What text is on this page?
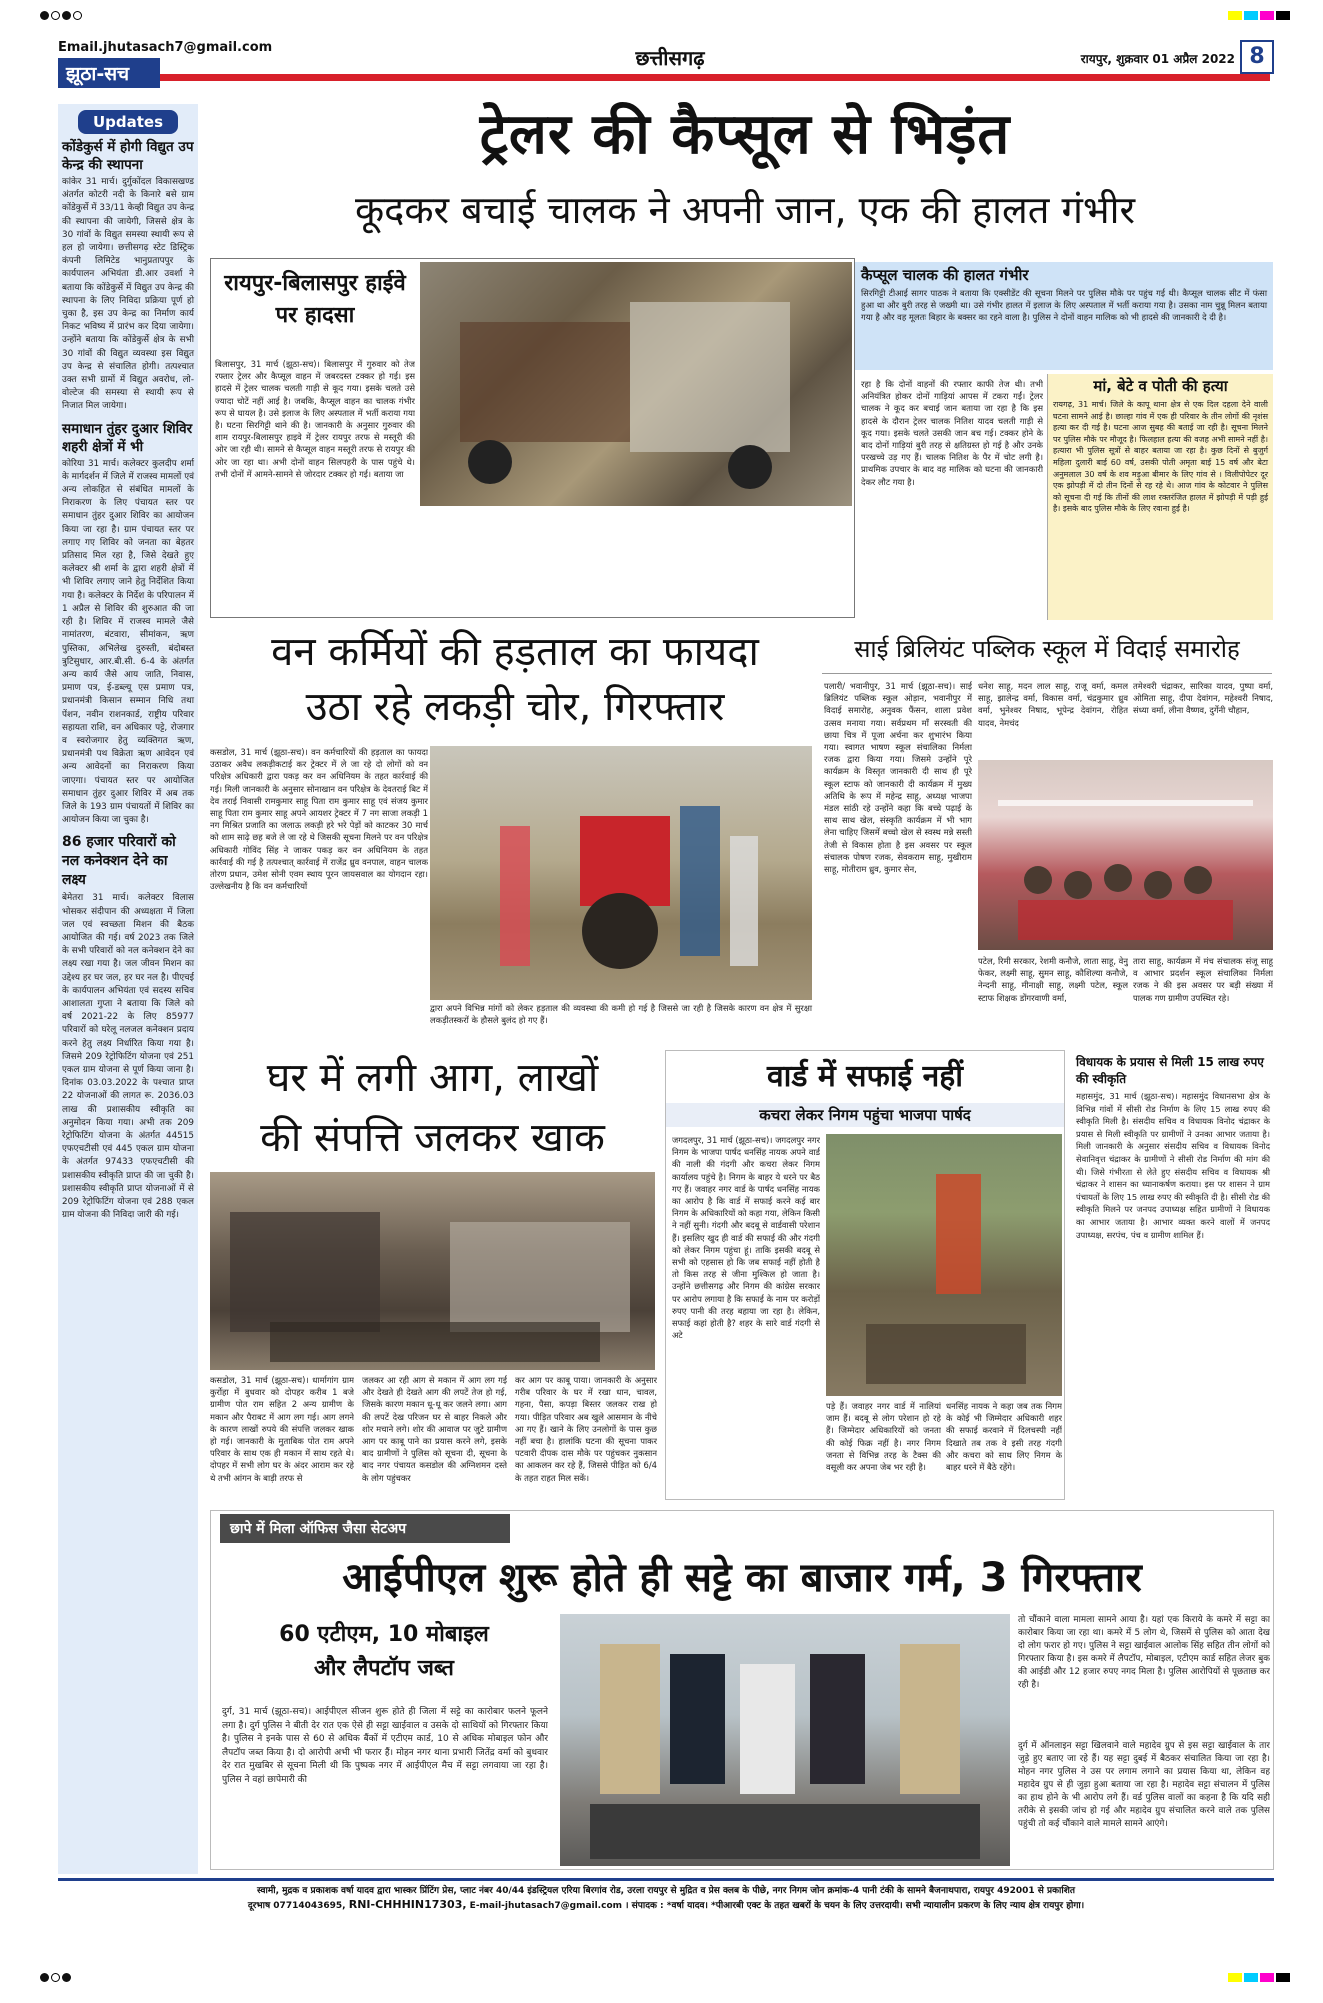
Email.jhutasach7@gmail.com
झूठा-सच
छत्तीसगढ़	रायपुर, शुक्रवार 01 अप्रैल 2022 8
Updates
कोंडेकुर्स में होगी विद्युत उप केन्द्र की स्थापना
कांकेर 31 मार्च। दुर्गुकोंदल विकासखण्ड अंतर्गत कोटरी नदी के किनारे बसे ग्राम कोंडेकुर्से में 33/11 केव्ही विद्युत उप केन्द्र की स्थापना की जायेगी, जिससे क्षेत्र के 30 गांवों के विद्युत समस्या स्थायी रूप से हल हो जायेगा। छत्तीसगढ़ स्टेट डिस्ट्रिक कंपनी लिमिटेड भानुप्रतापपुर के कार्यपालन अभियंता डी.आर उवर्शा ने बताया कि कोंडेकुर्से में विद्युत उप केन्द्र की स्थापना के लिए निविदा प्रक्रिया पूर्ण हो चुका है, इस उप केन्द्र का निर्माण कार्य निकट भविष्य में प्रारंभ कर दिया जायेगा। उन्होंने बताया कि कोंडेकुर्से क्षेत्र के सभी 30 गांवों की विद्युत व्यवस्था इस विद्युत उप केन्द्र से संचालित होगी। तत्पश्चात उक्त सभी ग्रामों में विद्युत अवरोध, लो-वोल्टेज की समस्या से स्थायी रूप से निजात मिल जायेगा।
समाधान तुंहर दुआर शिविर शहरी क्षेत्रों में भी
कोरिया 31 मार्च। कलेक्टर कुलदीप शर्मा के मार्गदर्शन में जिले में राजस्व मामलों एवं अन्य लोकहित से संबंधित मामलों के निराकरण के लिए पंचायत स्तर पर समाधान तुंहर दुआर शिविर का आयोजन किया जा रहा है। ग्राम पंचायत स्तर पर लगाए गए शिविर को जनता का बेहतर प्रतिसाद मिल रहा है, जिसे देखते हुए कलेक्टर श्री शर्मा के द्वारा शहरी क्षेत्रों में भी शिविर लगाए जाने हेतु निर्देशित किया गया है। कलेक्टर के निर्देश के परिपालन में 1 अप्रैल से शिविर की शुरुआत की जा रही है। शिविर में राजस्व मामले जैसे नामांतरण, बंटवारा, सीमांकन, ऋण पुस्तिका, अभिलेख दुरुस्ती, बंदोबस्त त्रुटिसुधार, आर.बी.सी. 6-4 के अंतर्गत अन्य कार्य जैसे आय जाति, निवास, प्रमाण पत्र, ई-डब्ल्यू एस प्रमाण पत्र, प्रधानमंत्री किसान सम्मान निधि तथा पेंशन, नवीन राशनकार्ड, राष्ट्रीय परिवार सहायता राशि, वन अधिकार पट्टे, रोजगार व स्वरोजगार हेतु व्यक्तिगत ऋण, प्रधानमंत्री पथ विक्रेता ऋण आवेदन एवं अन्य आवेदनों का निराकरण किया जाएगा। पंचायत स्तर पर आयोजित समाधान तुंहर दुआर शिविर में अब तक जिले के 193 ग्राम पंचायतों में शिविर का आयोजन किया जा चुका है।
86 हजार परिवारों को नल कनेक्शन देने का लक्ष्य
बेमेतरा 31 मार्च। कलेक्टर विलास भोसकर संदीपान की अध्यक्षता में जिला जल एवं स्वच्छता मिशन की बैठक आयोजित की गई। वर्ष 2023 तक जिले के सभी परिवारों को नल कनेक्शन देने का लक्ष्य रखा गया है। जल जीवन मिशन का उद्देश्य हर घर जल, हर घर नल है। पीएचई के कार्यपालन अभियंता एवं सदस्य सचिव आशालता गुप्ता ने बताया कि जिले को वर्ष 2021-22 के लिए 85977 परिवारों को घरेलू नलजल कनेक्शन प्रदाय करने हेतु लक्ष्य निर्धारित किया गया है। जिसमे 209 रेट्रोफिटिंग योजना एवं 251 एकल ग्राम योजना से पूर्ण किया जाना है। दिनांक 03.03.2022 के पश्चात प्राप्त 22 योजनाओं की लागत रू. 2036.03 लाख की प्रशासकीय स्वीकृति का अनुमोदन किया गया। अभी तक 209 रेट्रोफिटिंग योजना के अंतर्गत 44515 एफएचटीसी एवं 445 एकल ग्राम योजना के अंतर्गत 97433 एफएचटीसी की प्रशासकीय स्वीकृति प्राप्त की जा चुकी है। प्रशासकीय स्वीकृति प्राप्त योजनाओं में से 209 रेट्रोफिटिंग योजना एवं 288 एकल ग्राम योजना की निविदा जारी की गई।
ट्रेलर की कैप्सूल से भिड़ंत
कूदकर बचाई चालक ने अपनी जान, एक की हालत गंभीर
रायपुर-बिलासपुर हाईवे पर हादसा
बिलासपुर, 31 मार्च (झूठा-सच)। बिलासपुर में गुरुवार को तेज रफ्तार ट्रेलर और कैप्सूल वाहन में जबरदस्त टक्कर हो गई। इस हादसे में ट्रेलर चालक चलती गाड़ी से कूद गया। इसके चलते उसे ज्यादा चोटें नहीं आई है। जबकि, कैप्सूल वाहन का चालक गंभीर रूप से घायल है। उसे इलाज के लिए अस्पताल में भर्ती कराया गया है। घटना सिरगिट्टी थाने की है। जानकारी के अनुसार गुरुवार की शाम रायपुर-बिलासपुर हाइवे में ट्रेलर रायपुर तरफ से मस्तूरी की ओर जा रही थी। सामने से कैप्सूल वाहन मस्तूरी तरफ से रायपुर की ओर जा रहा था। अभी दोनों वाहन सिलपहरी के पास पहुंचे थे। तभी दोनों में आमने-सामने से जोरदार टक्कर हो गई। बताया जा
रहा है कि दोनों वाहनों की रफ्तार काफी तेज थी। तभी अनियंत्रित होकर दोनों गाड़ियां आपस में टकरा गईं। ट्रेलर चालक ने कूद कर बचाई जान बताया जा रहा है कि इस हादसे के दौरान ट्रेलर चालक नितिश यादव चलती गाड़ी से कूद गया। इसके चलते उसकी जान बच गई। टक्कर होने के बाद दोनों गाड़ियां बुरी तरह से क्षतिग्रस्त हो गई है और उनके परखच्चे उड़ गए हैं। चालक नितिश के पैर में चोट लगी है। प्राथमिक उपचार के बाद वह मालिक को घटना की जानकारी देकर लौट गया है।
कैप्सूल चालक की हालत गंभीर
सिरगिट्टी टीआई सागर पाठक ने बताया कि एक्सीडेंट की सूचना मिलने पर पुलिस मौके पर पहुंच गई थी। कैप्सूल चालक सीट में फंसा हुआ था और बुरी तरह से जख्मी था। उसे गंभीर हालत में इलाज के लिए अस्पताल में भर्ती कराया गया है। उसका नाम चुन्नू मिलन बताया गया है और वह मूलतः बिहार के बक्सर का रहने वाला है। पुलिस ने दोनों वाहन मालिक को भी हादसे की जानकारी दे दी है।
मां, बेटे व पोती की हत्या
रायगढ़, 31 मार्च। जिले के कापू थाना क्षेत्र से एक दिल दहला देने वाली घटना सामने आई है। छाल्हा गांव में एक ही परिवार के तीन लोगों की नृशंस हत्या कर दी गई है। घटना आज सुबह की बताई जा रही है। सूचना मिलने पर पुलिस मौके पर मौजूद है। फिलहाल हत्या की वजह अभी सामने नहीं है। हत्यारा भी पुलिस सूत्रों से बाहर बताया जा रहा है। कुछ दिनों से बुजुर्ग महिला दुलारी बाई 60 वर्ष, उसकी पोती अमृता बाई 15 वर्ष और बेटा अनुमलाल 30 वर्ष के शव मड़ुआ बीमार के लिए गांव से । विलीपोपेटर दूर एक झोपड़ी में दो तीन दिनों से रह रहे थे। आज गांव के कोटवार ने पुलिस को सूचना दी गई कि तीनों की लाश रक्तरंजित हालत में झोपड़ी में पड़ी हुई है। इसके बाद पुलिस मौके के लिए रवाना हुई है।
वन कर्मियों की हड़ताल का फायदा
उठा रहे लकड़ी चोर, गिरफ्तार
कसडोल, 31 मार्च (झूठा-सच)। वन कर्मचारियों की हड़ताल का फायदा उठाकर अवैध लकड़ीकटाई कर ट्रेक्टर में ले जा रहे दो लोगों को वन परिक्षेत्र अधिकारी द्वारा पकड़ कर वन अधिनियम के तहत कार्रवाई की गई। मिली जानकारी के अनुसार सोनाखान वन परिक्षेत्र के देवतराई बिट में देव तराई निवासी रामकुमार साहू पिता राम कुमार साहू एवं संजय कुमार साहू पिता राम कुमार साहू अपने आयशर ट्रेक्टर में 7 नग साजा लकड़ी 1 नग मिश्रित प्रजाति का जलाऊ लकड़ी हरे भरे पेड़ों को काटकर 30 मार्च को शाम साढ़े छह बजे ले जा रहे थे जिसकी सूचना मिलने पर वन परिक्षेत्र अधिकारी गोविंद सिंह ने जाकर पकड़ कर वन अधिनियम के तहत कार्रवाई की गई है तत्पश्चात् कार्रवाई में राजेंद्र ध्रुव वनपाल, वाहन चालक तोरण प्रधान, उमेश सोनी एवम स्थाय पूरन जायसवाल का योगदान रहा। उल्लेखनीय है कि वन कर्मचारियों
द्वारा अपने विभिन्न मांगों को लेकर हड़ताल की व्यवस्था की कमी हो गई है जिससे जा रही है जिसके कारण वन क्षेत्र में सुरक्षा लकड़ीतस्करों के हौसले बुलंद हो गए हैं।
साई ब्रिलियंट पब्लिक स्कूल में विदाई समारोह
पलारी/ भवानीपुर, 31 मार्च (झूठा-सच)। साई ब्रिलियंट पब्लिक स्कूल ओड़ान, भवानीपुर में विदाई समारोह, अनुवक फैंसन, शाला प्रवेश उत्सव मनाया गया। सर्वप्रथम माँ सरस्वती की छाया चित्र में पूजा अर्चना कर शुभारंभ किया गया। स्वागत भाषण स्कूल संचालिका निर्मला रजक द्वारा किया गया। जिसमे उन्होंने पूरे कार्यक्रम के विस्तृत जानकारी दी साथ ही पूरे स्कूल स्टाफ को जानकारी दी कार्यक्रम में मुख्य अतिथि के रूप में महेन्द्र साहू, अध्यक्ष भाजपा मंडल सांठी रहे उन्होंने कहा कि बच्चे पढ़ाई के साथ साथ खेल, संस्कृति कार्यक्रम में भी भाग लेना चाहिए जिसमें बच्चो खेल से स्वस्थ मन्ने सस्ती तेजी से विकास होता है इस अवसर पर स्कूल संचालक पोषण रजक, सेवकराम साहू, मुखीराम साहू, मोतीराम ध्रुव, कुमार सेन,
धनेश साहू, मदन लाल साहू, राजू वर्मा, कमल साहू, झालेन्द्र वर्मा, विकास वर्मा, चंद्रकुमार ध्रुव वर्मा, भुनेश्वर निषाद, भूपेन्द्र देवांगन, रोहित यादव, नेमचंद
तमेश्वरी चंद्राकर, सारिका यादव, पुष्पा वर्मा, ओमिता साहू, दीपा देवांगन, महेश्वरी निषाद, संध्या वर्मा, लीना वैष्णव, दुर्गेनी चौहान,
पटेल, रिमी सरकार, रेशमी कनौजे, लाता साहू, वेनु फेकर, लक्ष्मी साहू, सुमन साहू, कौशिल्या कनौजे, नेन्दनी साहू, मीनाक्षी साहू, लक्ष्मी पटेल, स्कूल स्टाफ शिक्षक डोंगरवाणी वर्मा,
तारा साहू, कार्यक्रम में मंच संचालक संजू साहू व आभार प्रदर्शन स्कूल संचालिका निर्मला रजक ने की इस अवसर पर बड़ी संख्या में पालक गण ग्रामीण उपस्थित रहे।
घर में लगी आग, लाखों
की संपत्ति जलकर खाक
कसडोल, 31 मार्च (झूठा-सच)। धार्मागांग ग्राम कुर्रोहा में बुधवार को दोपहर करीब 1 बजे ग्रामीण पोत राम सहित 2 अन्य ग्रामीण के मकान और पैराबट में आग लग गई। आग लगने के कारण लाखों रुपये की संपत्ति जलकर खाक हो गई। जानकारी के मुताबिक पोत राम अपने परिवार के साथ एक ही मकान में साथ रहते थे। दोपहर में सभी लोग घर के अंदर आराम कर रहे थे तभी आंगन के बाड़ी तरफ से
जलकर आ रही आग से मकान में आग लग गई और देखते ही देखते आग की लपटें तेज हो गई, जिसके कारण मकान धू-धू कर जलने लगा। आग की लपटें देख परिजन घर से बाहर निकले और शोर मचाने लगे। शोर की आवाज पर जुटे ग्रामीण आग पर काबू पाने का प्रयास करने लगे, इसके बाद ग्रामीणों ने पुलिस को सूचना दी, सूचना के बाद नगर पंचायत कसडोल की अग्निशमन दस्ते के लोग पहुंचकर
कर आग पर काबू पाया। जानकारी के अनुसार गरीब परिवार के घर में रखा धान, चावल, गहना, पैसा, कपड़ा बिस्तर जलकर राख हो गया। पीड़ित परिवार अब खुले आसमान के नीचे आ गए हैं। खाने के लिए उनलोगों के पास कुछ नहीं बचा है। हालांकि घटना की सूचना पाकर पटवारी दीपक दास मौके पर पहुंचकर नुकसान का आकलन कर रहे हैं, जिससे पीड़ित को 6/4 के तहत राहत मिल सकें।
वार्ड में सफाई नहीं
कचरा लेकर निगम पहुंचा भाजपा पार्षद
जगदलपुर, 31 मार्च (झूठा-सच)। जगदलपुर नगर निगम के भाजपा पार्षद धनसिंह नायक अपने वार्ड की नाली की गंदगी और कचरा लेकर निगम कार्यालय पहुंचे है। निगम के बाहर ये धरने पर बैठ गए हैं। जवाहर नगर वार्ड के पार्षद धनसिंह नायक का आरोप है कि वार्ड में सफाई करने कई बार निगम के अधिकारियों को कहा गया, लेकिन किसी ने नहीं सुनी। गंदगी और बदबू से वार्डवासी परेशान हैं। इसलिए खुद ही वार्ड की सफाई की और गंदगी को लेकर निगम पहुंचा हूं। ताकि इसकी बदबू से सभी को एहसास हो कि जब सफाई नहीं होती है तो किस तरह से जीना मुश्किल हो जाता है। उन्होंने छत्तीसगढ़ और निगम की कांग्रेस सरकार पर आरोप लगाया है कि सफाई के नाम पर करोड़ों रुपए पानी की तरह बहाया जा रहा है। लेकिन, सफाई कहां होती है? शहर के सारे वार्ड गंदगी से अटे
पड़े हैं। जवाहर नगर वार्ड में नालियां जाम हैं। बदबू से लोग परेशान हो रहे हैं। जिम्मेदार अधिकारियों को जनता की कोई फिक्र नहीं है। नगर निगम जनता से विभिन्न तरह के टैक्स की वसूली कर अपना जेब भर रही है।
धनसिंह नायक ने कहा जब तक निगम के कोई भी जिम्मेदार अधिकारी शहर की सफाई करवाने में दिलचस्पी नहीं दिखाते तब तक वे इसी तरह गंदगी और कचरा को साथ लिए निगम के बाहर धरने में बैठे रहेंगे।
विधायक के प्रयास से मिली 15 लाख रुपए की स्वीकृति
महासमुंद, 31 मार्च (झूठा-सच)। महासमुंद विधानसभा क्षेत्र के विभिन्न गांवों में सीसी रोड निर्माण के लिए 15 लाख रुपए की स्वीकृति मिली है। संसदीय सचिव व विधायक विनोद चंद्राकर के प्रयास से मिली स्वीकृति पर ग्रामीणों ने उनका आभार जताया है। मिली जानकारी के अनुसार संसदीय सचिव व विधायक विनोद सेवानिवृत्त चंद्राकर के ग्रामीणों ने सीसी रोड निर्माण की मांग की थी। जिसे गंभीरता से लेते हुए संसदीय सचिव व विधायक श्री चंद्राकर ने शासन का ध्यानाकर्षण कराया। इस पर शासन ने ग्राम पंचायतों के लिए 15 लाख रुपए की स्वीकृति दी है। सीसी रोड की स्वीकृति मिलने पर जनपद उपाध्यक्ष सहित ग्रामीणों ने विधायक का आभार जताया है। आभार व्यक्त करने वालों में जनपद उपाध्यक्ष, सरपंच, पंच व ग्रामीण शामिल हैं।
छापे में मिला ऑफिस जैसा सेटअप
आईपीएल शुरू होते ही सट्टे का बाजार गर्म, 3 गिरफ्तार
60 एटीएम, 10 मोबाइल
और लैपटॉप जब्त
दुर्ग, 31 मार्च (झूठा-सच)। आईपीएल सीजन शुरू होते ही जिला में सट्टे का कारोबार फलने फूलने लगा है। दुर्ग पुलिस ने बीती देर रात एक ऐसे ही सट्टा खाईवाल व उसके दो साथियों को गिरफ्तार किया है। पुलिस ने इनके पास से 60 से अधिक बैंकों में एटीएम कार्ड, 10 से अधिक मोबाइल फोन और लैपटॉप जब्त किया है। दो आरोपी अभी भी फरार हैं। मोहन नगर थाना प्रभारी जितेंद्र वर्मा को बुधवार देर रात मुखबिर से सूचना मिली थी कि पुष्पक नगर में आईपीएल मैच में सट्टा लगवाया जा रहा है। पुलिस ने वहां छापेमारी की
तो चौंकाने वाला मामला सामने आया है। यहां एक किराये के कमरे में सट्टा का कारोबार किया जा रहा था। कमरे में 5 लोग थे, जिसमें से पुलिस को आता देख दो लोग फरार हो गए। पुलिस ने सट्टा खाईवाल आलोक सिंह सहित तीन लोगों को गिरफ्तार किया है। इस कमरे में लैपटॉप, मोबाइल, एटीएम कार्ड सहित लेजर बुक की आईडी और 12 हजार रुपए नगद मिला है। पुलिस आरोपियों से पूछताछ कर रही है।
दुर्ग में ऑनलाइन सट्टा खिलवाने वाले महादेव ग्रुप से इस सट्टा खाईवाल के तार जुड़े हुए बताए जा रहे हैं। यह सट्टा दुबई में बैठकर संचालित किया जा रहा है। मोहन नगर पुलिस ने उस पर लगाम लगाने का प्रयास किया था, लेकिन वह महादेव ग्रुप से ही जुड़ा हुआ बताया जा रहा है। महादेव सट्टा संचालन में पुलिस का हाथ होने के भी आरोप लगे हैं। वर्ड पुलिस वालों का कहना है कि यदि सही तरीके से इसकी जांच हो गई और महादेव ग्रुप संचालित करने वाले तक पुलिस पहुंची तो कई चौंकाने वाले मामले सामने आएंगे।
स्वामी, मुद्रक व प्रकाशक वर्षा यादव द्वारा भास्कर प्रिंटिंग प्रेस, प्लाट नंबर 40/44 इंडस्ट्रियल एरिया बिरगांव रोड, उरला रायपुर से मुद्रित व प्रेस क्लब के पीछे, नगर निगम जोन क्रमांक-4 पानी टंकी के सामने बैजनाथपारा, रायपुर 492001 से प्रकाशित
दूरभाष 07714043695, RNI-CHHHIN17303, E-mail-jhutasach7@gmail.com । संपादक : *वर्षा यादव। *पीआरबी एक्ट के तहत खबरों के चयन के लिए उत्तरदायी। सभी न्यायालीन प्रकरण के लिए न्याय क्षेत्र रायपुर होगा।
